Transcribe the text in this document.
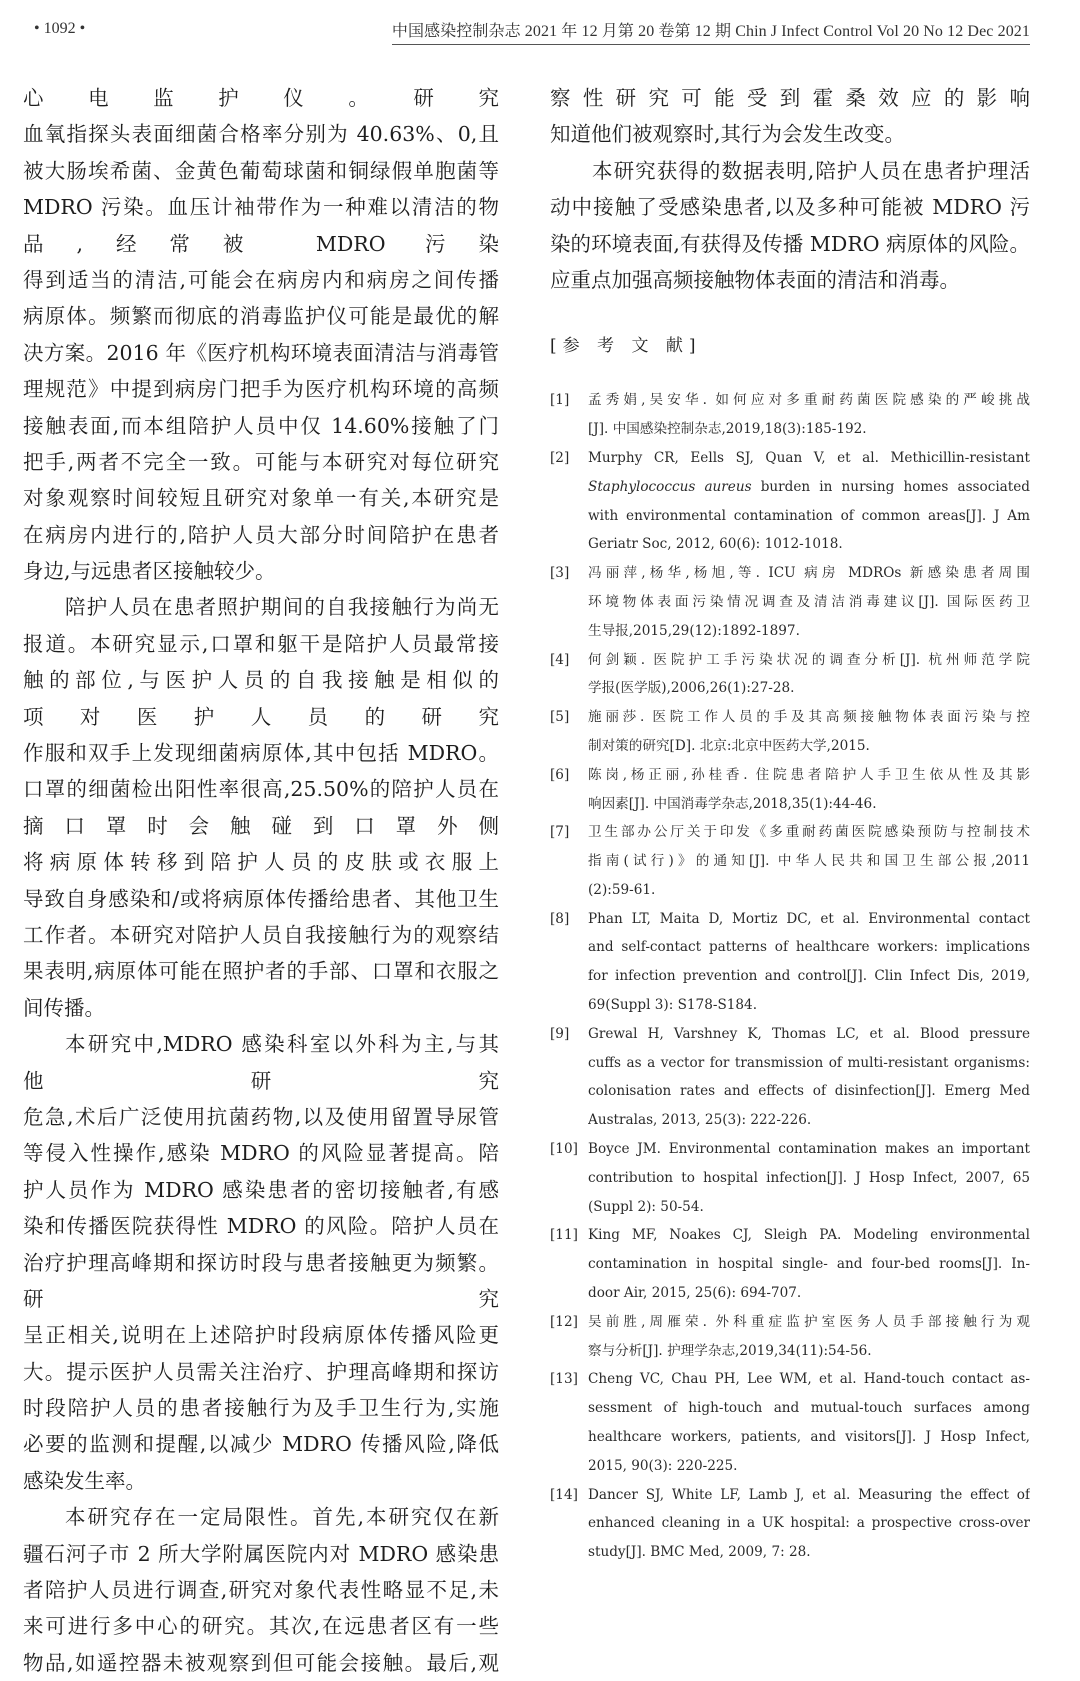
• 1092 •	中国感染控制杂志 2021 年 12 月第 20 卷第 12 期 Chin J Infect Control Vol 20 No 12 Dec 2021
心电监护仪。研究
血氧指探头表面细菌合格率分别为 40.63%、0,且
被大肠埃希菌、金黄色葡萄球菌和铜绿假单胞菌等
MDRO 污染。血压计袖带作为一种难以清洁的物
品,经常被 MDRO 污染
得到适当的清洁,可能会在病房内和病房之间传播
病原体。频繁而彻底的消毒监护仪可能是最优的解
决方案。2016 年《医疗机构环境表面清洁与消毒管
理规范》中提到病房门把手为医疗机构环境的高频
接触表面,而本组陪护人员中仅 14.60%接触了门
把手,两者不完全一致。可能与本研究对每位研究
对象观察时间较短且研究对象单一有关,本研究是
在病房内进行的,陪护人员大部分时间陪护在患者
身边,与远患者区接触较少。
陪护人员在患者照护期间的自我接触行为尚无
报道。本研究显示,口罩和躯干是陪护人员最常接
触的部位,与医护人员的自我接触是相似的
项对医护人员的研究
作服和双手上发现细菌病原体,其中包括 MDRO。
口罩的细菌检出阳性率很高,25.50%的陪护人员在
摘口罩时会触碰到口罩外侧
将病原体转移到陪护人员的皮肤或衣服上
导致自身感染和/或将病原体传播给患者、其他卫生
工作者。本研究对陪护人员自我接触行为的观察结
果表明,病原体可能在照护者的手部、口罩和衣服之
间传播。
本研究中,MDRO 感染科室以外科为主,与其
他研究
危急,术后广泛使用抗菌药物,以及使用留置导尿管
等侵入性操作,感染 MDRO 的风险显著提高。陪
护人员作为 MDRO 感染患者的密切接触者,有感
染和传播医院获得性 MDRO 的风险。陪护人员在
治疗护理高峰期和探访时段与患者接触更为频繁。
研究
呈正相关,说明在上述陪护时段病原体传播风险更
大。提示医护人员需关注治疗、护理高峰期和探访
时段陪护人员的患者接触行为及手卫生行为,实施
必要的监测和提醒,以减少 MDRO 传播风险,降低
感染发生率。
本研究存在一定局限性。首先,本研究仅在新
疆石河子市 2 所大学附属医院内对 MDRO 感染患
者陪护人员进行调查,研究对象代表性略显不足,未
来可进行多中心的研究。其次,在远患者区有一些
物品,如遥控器未被观察到但可能会接触。最后,观
察性研究可能受到霍桑效应的影响
知道他们被观察时,其行为会发生改变。
本研究获得的数据表明,陪护人员在患者护理活
动中接触了受感染患者,以及多种可能被 MDRO 污
染的环境表面,有获得及传播 MDRO 病原体的风险。
应重点加强高频接触物体表面的清洁和消毒。
[参 考 文 献]
[1]	孟秀娟,吴安华. 如何应对多重耐药菌医院感染的严峻挑战
[J]. 中国感染控制杂志,2019,18(3):185-192.
[2]	Murphy CR, Eells SJ, Quan V, et al. Methicillin-resistant
Staphylococcus aureus burden in nursing homes associated
with environmental contamination of common areas[J]. J Am
Geriatr Soc, 2012, 60(6): 1012-1018.
[3]	冯丽萍,杨华,杨旭,等. ICU 病房 MDROs 新感染患者周围
环境物体表面污染情况调查及清洁消毒建议[J]. 国际医药卫
生导报,2015,29(12):1892-1897.
[4]	何剑颖. 医院护工手污染状况的调查分析[J]. 杭州师范学院
学报(医学版),2006,26(1):27-28.
[5]	施丽莎. 医院工作人员的手及其高频接触物体表面污染与控
制对策的研究[D]. 北京:北京中医药大学,2015.
[6]	陈岗,杨正丽,孙桂香. 住院患者陪护人手卫生依从性及其影
响因素[J]. 中国消毒学杂志,2018,35(1):44-46.
[7]	卫生部办公厅关于印发《多重耐药菌医院感染预防与控制技术
指南(试行)》的通知[J]. 中华人民共和国卫生部公报,2011
(2):59-61.
[8]	Phan LT, Maita D, Mortiz DC, et al. Environmental contact
and self-contact patterns of healthcare workers: implications
for infection prevention and control[J]. Clin Infect Dis, 2019,
69(Suppl 3): S178-S184.
[9]	Grewal H, Varshney K, Thomas LC, et al. Blood pressure
cuffs as a vector for transmission of multi-resistant organisms:
colonisation rates and effects of disinfection[J]. Emerg Med
Australas, 2013, 25(3): 222-226.
[10] Boyce JM. Environmental contamination makes an important
contribution to hospital infection[J]. J Hosp Infect, 2007, 65
(Suppl 2): 50-54.
[11] King MF, Noakes CJ, Sleigh PA. Modeling environmental
contamination in hospital single- and four-bed rooms[J]. In-
door Air, 2015, 25(6): 694-707.
[12] 吴前胜,周雁荣. 外科重症监护室医务人员手部接触行为观
察与分析[J]. 护理学杂志,2019,34(11):54-56.
[13] Cheng VC, Chau PH, Lee WM, et al. Hand-touch contact as-
sessment of high-touch and mutual-touch surfaces among
healthcare workers, patients, and visitors[J]. J Hosp Infect,
2015, 90(3): 220-225.
[14] Dancer SJ, White LF, Lamb J, et al. Measuring the effect of
enhanced cleaning in a UK hospital: a prospective cross-over
study[J]. BMC Med, 2009, 7: 28.
